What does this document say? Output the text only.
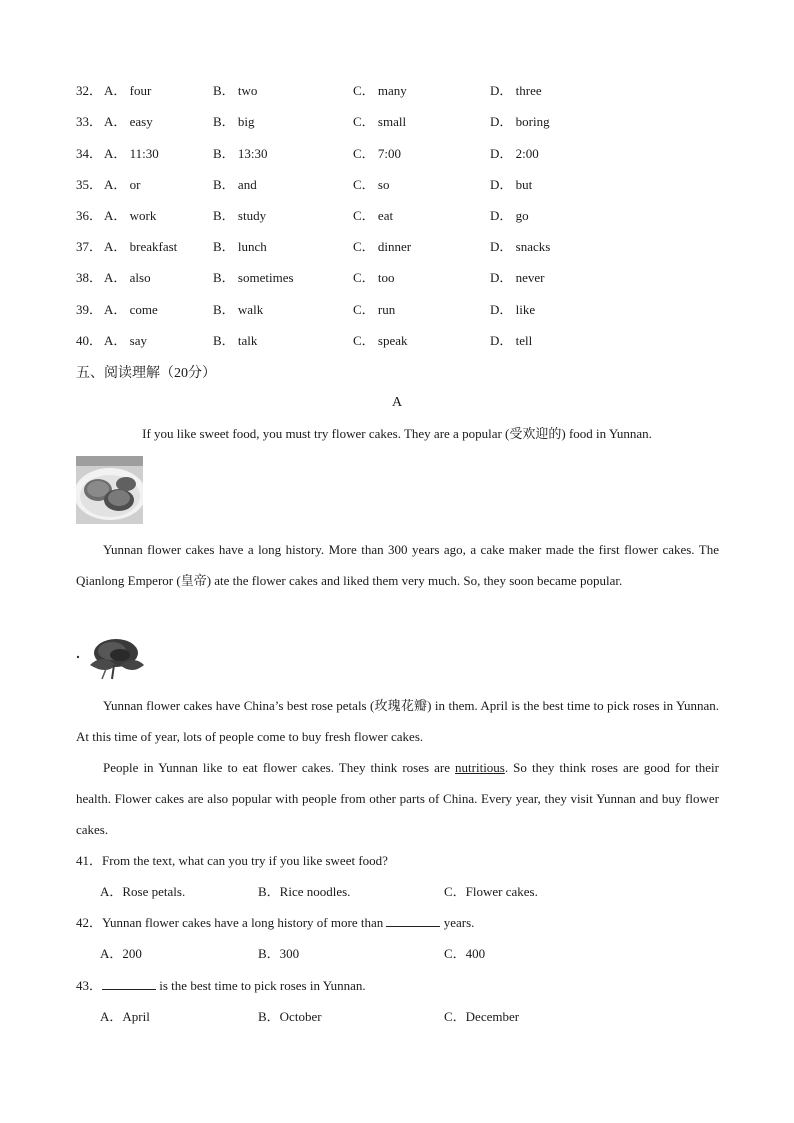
32． A． four	B． two	C． many	D． three
33． A． easy	B． big	C． small	D． boring
34． A． 11:30	B． 13:30	C． 7:00	D． 2:00
35． A． or	B． and	C． so	D． but
36． A． work	B． study	C． eat	D． go
37． A． breakfast	B． lunch	C． dinner	D． snacks
38． A． also	B． sometimes	C． too	D． never
39． A． come	B． walk	C． run	D． like
40． A． say	B． talk	C． speak	D． tell
五、阅读理解（20分）
A
If you like sweet food, you must try flower cakes. They are a popular (受欢迎的) food in Yunnan.
Yunnan flower cakes have a long history. More than 300 years ago, a cake maker made the first flower cakes. The Qianlong Emperor (皇帝) ate the flower cakes and liked them very much. So, they soon became popular.
Yunnan flower cakes have China’s best rose petals (玫瑰花瓣) in them. April is the best time to pick roses in Yunnan. At this time of year, lots of people come to buy fresh flower cakes.
People in Yunnan like to eat flower cakes. They think roses are nutritious. So they think roses are good for their health. Flower cakes are also popular with people from other parts of China. Every year, they visit Yunnan and buy flower cakes.
41．From the text, what can you try if you like sweet food?
A．Rose petals.	B．Rice noodles.	C．Flower cakes.
42．Yunnan flower cakes have a long history of more than	years.
A．200	B．300	C．400
43．	is the best time to pick roses in Yunnan.
A．April	B．October	C．December
